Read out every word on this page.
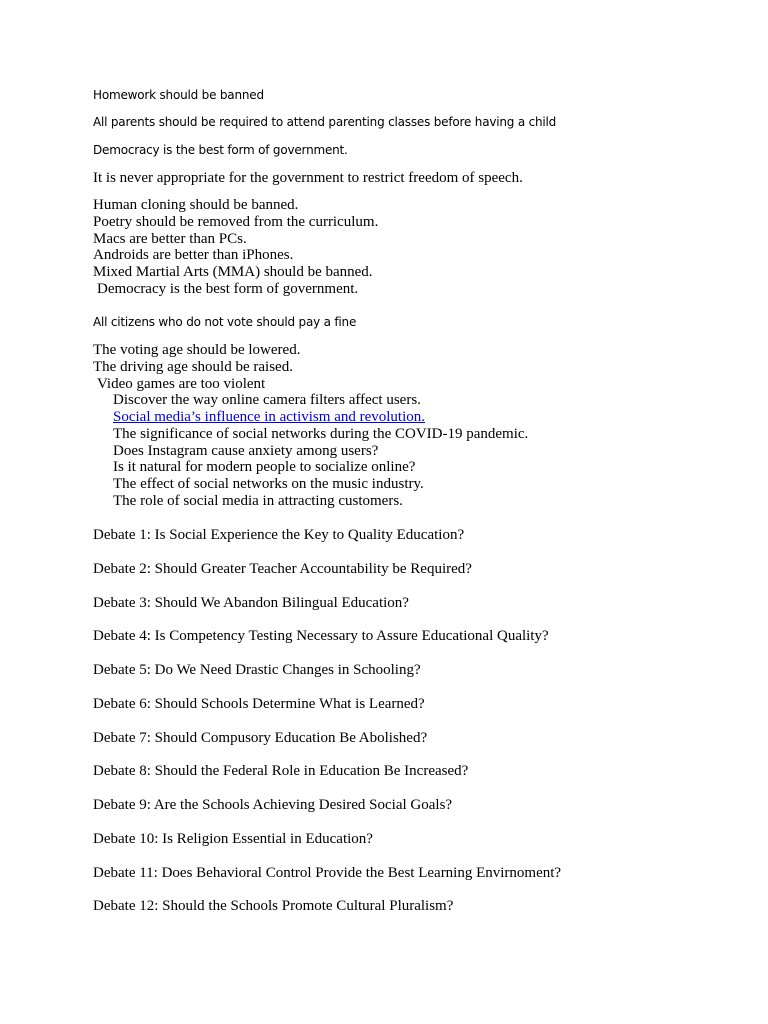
Homework should be banned

All parents should be required to attend parenting classes before having a child

Democracy is the best form of government.

It is never appropriate for the government to restrict freedom of speech.

Human cloning should be banned.

Poetry should be removed from the curriculum.

Macs are better than PCs.

Androids are better than iPhones.

Mixed Martial Arts (MMA) should be banned.

Democracy is the best form of government.

All citizens who do not vote should pay a fine

The voting age should be lowered.

The driving age should be raised.

Video games are too violent

Discover the way online camera filters affect users.

Social media’s influence in activism and revolution.

The significance of social networks during the COVID-19 pandemic.

Does Instagram cause anxiety among users?

Is it natural for modern people to socialize online?

The effect of social networks on the music industry.

The role of social media in attracting customers.

Debate 1: Is Social Experience the Key to Quality Education?

Debate 2: Should Greater Teacher Accountability be Required?

Debate 3: Should We Abandon Bilingual Education?

Debate 4: Is Competency Testing Necessary to Assure Educational Quality?

Debate 5: Do We Need Drastic Changes in Schooling?

Debate 6: Should Schools Determine What is Learned?

Debate 7: Should Compusory Education Be Abolished?

Debate 8: Should the Federal Role in Education Be Increased?

Debate 9: Are the Schools Achieving Desired Social Goals?

Debate 10: Is Religion Essential in Education?

Debate 11: Does Behavioral Control Provide the Best Learning Envirnoment?

Debate 12: Should the Schools Promote Cultural Pluralism?
